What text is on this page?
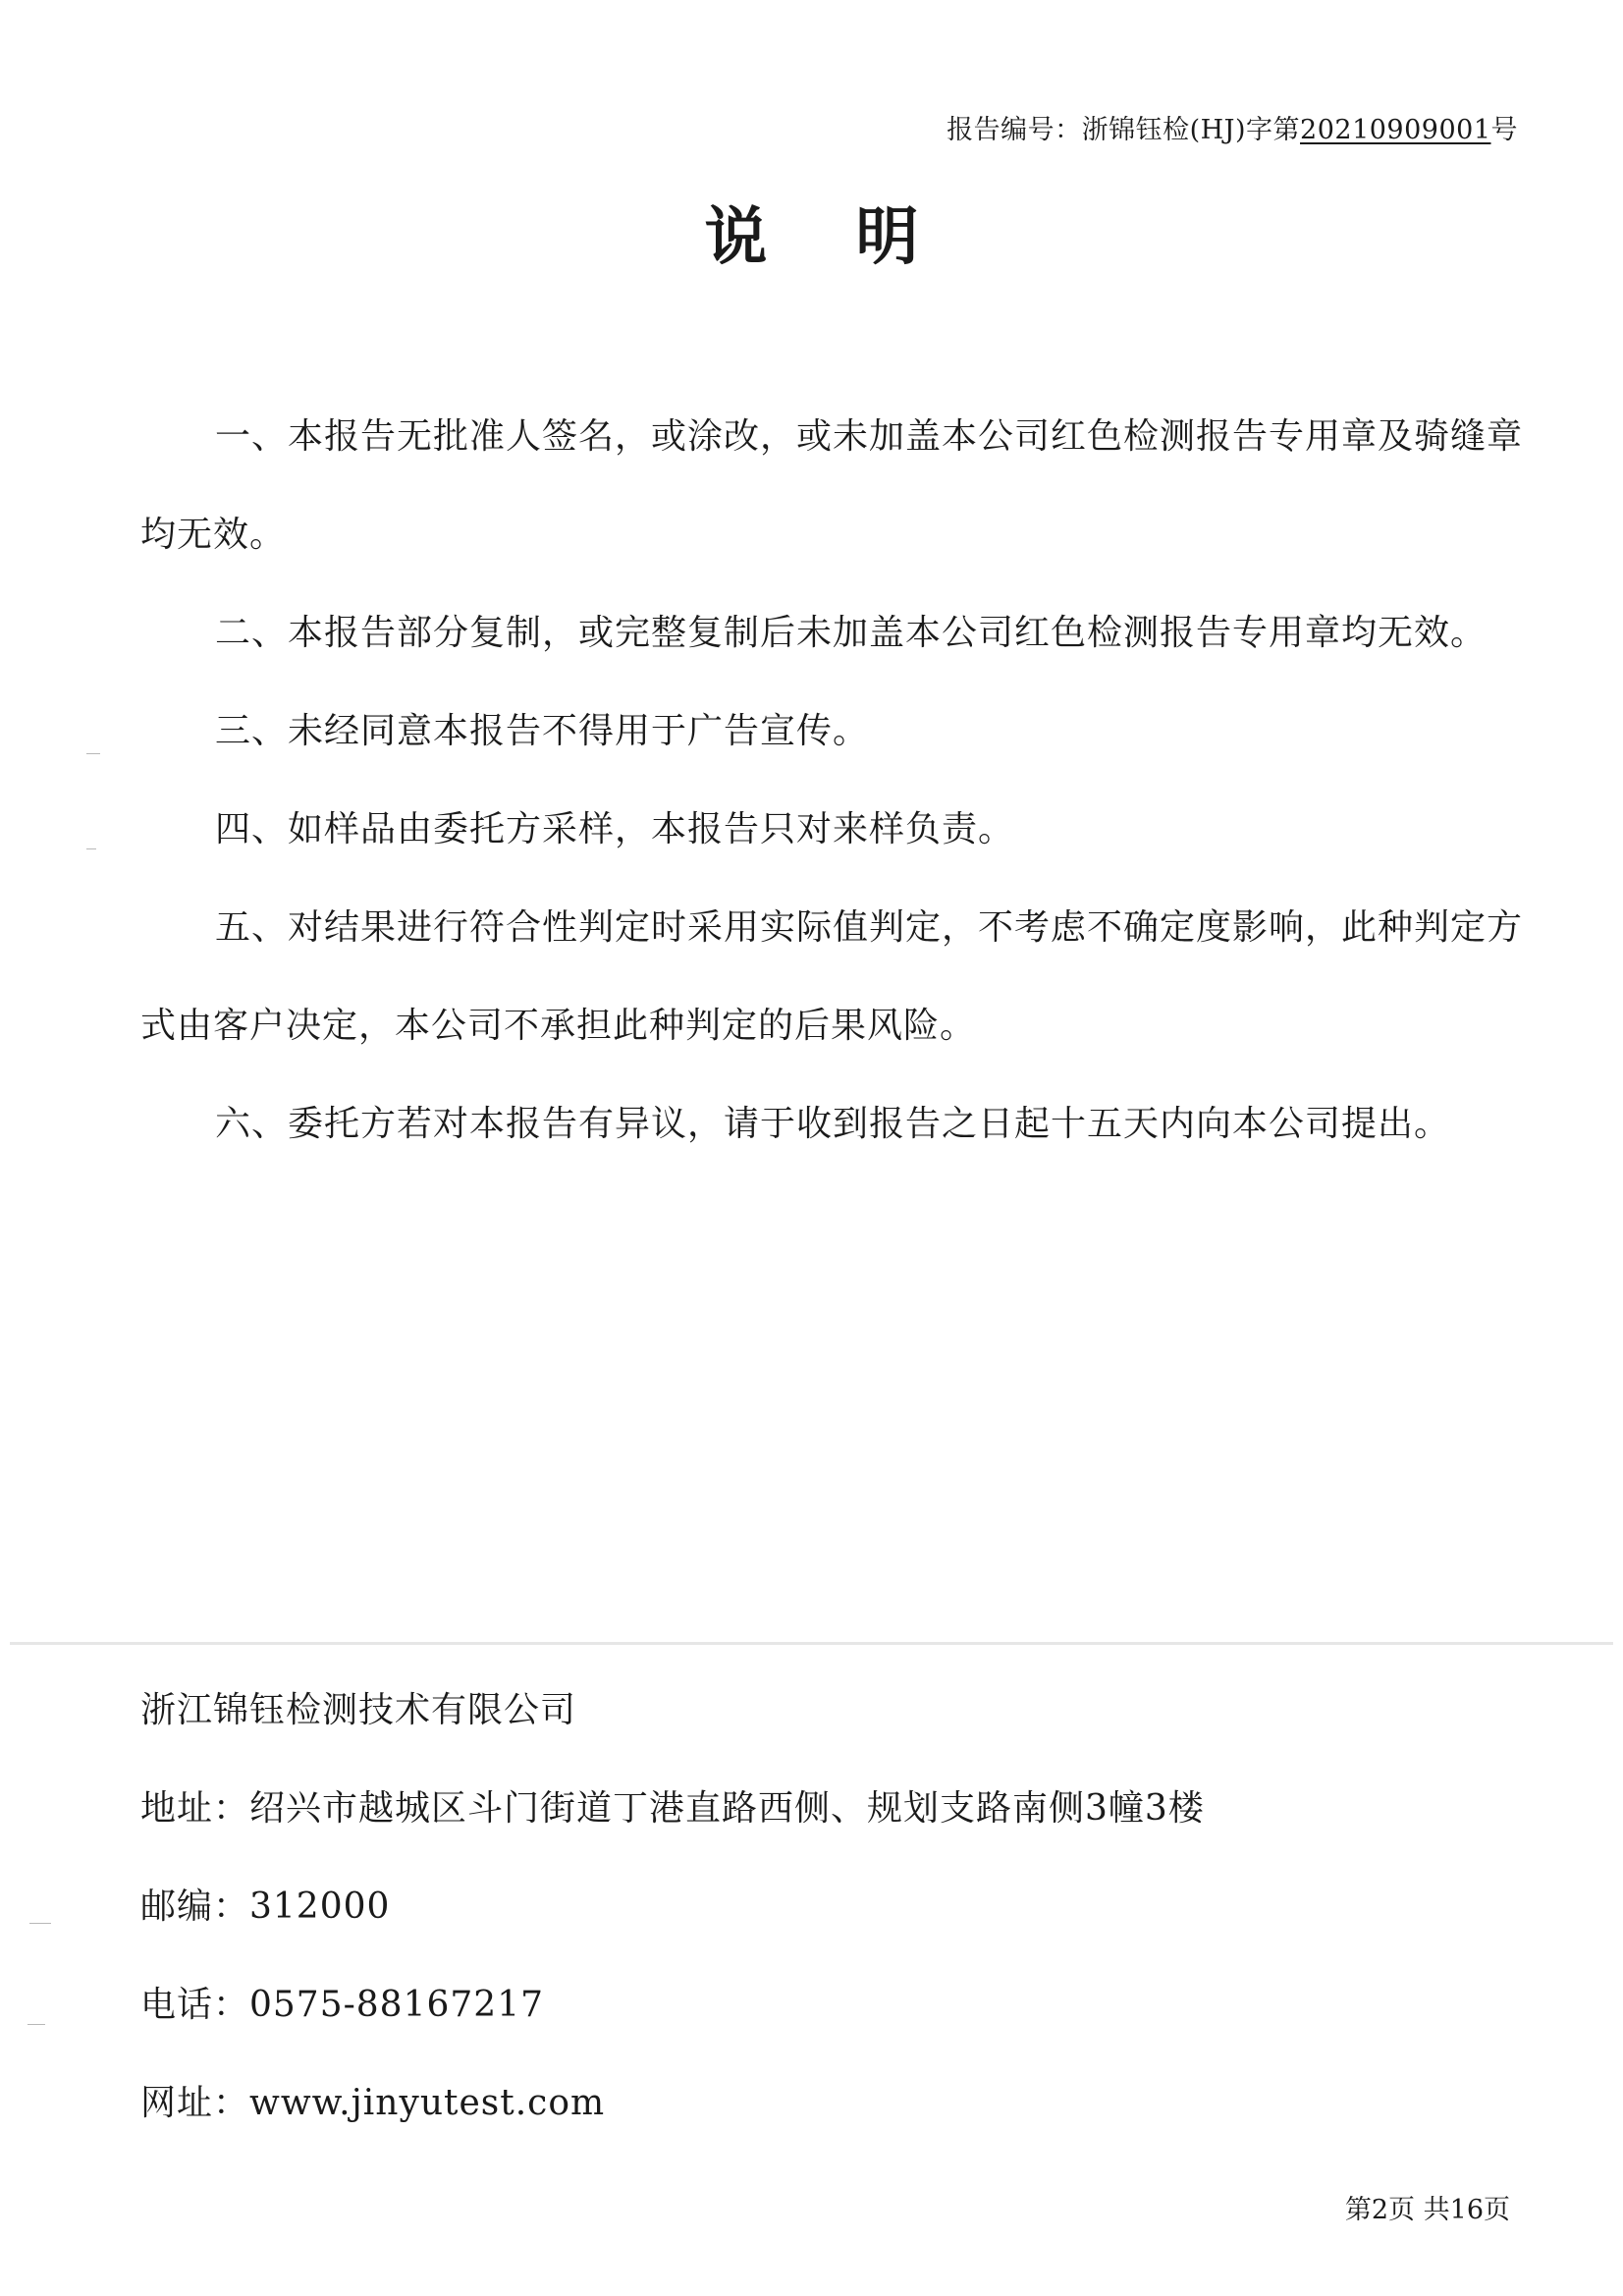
报告编号：浙锦钰检(HJ)字第20210909001号
说明

一、本报告无批准人签名，或涂改，或未加盖本公司红色检测报告专用章及骑缝章均无效。

二、本报告部分复制，或完整复制后未加盖本公司红色检测报告专用章均无效。

三、未经同意本报告不得用于广告宣传。

四、如样品由委托方采样，本报告只对来样负责。

五、对结果进行符合性判定时采用实际值判定，不考虑不确定度影响，此种判定方式由客户决定，本公司不承担此种判定的后果风险。

六、委托方若对本报告有异议，请于收到报告之日起十五天内向本公司提出。

浙江锦钰检测技术有限公司
地址：绍兴市越城区斗门街道丁港直路西侧、规划支路南侧3幢3楼
邮编：312000
电话：0575-88167217
网址：www.jinyutest.com
第2页 共16页
